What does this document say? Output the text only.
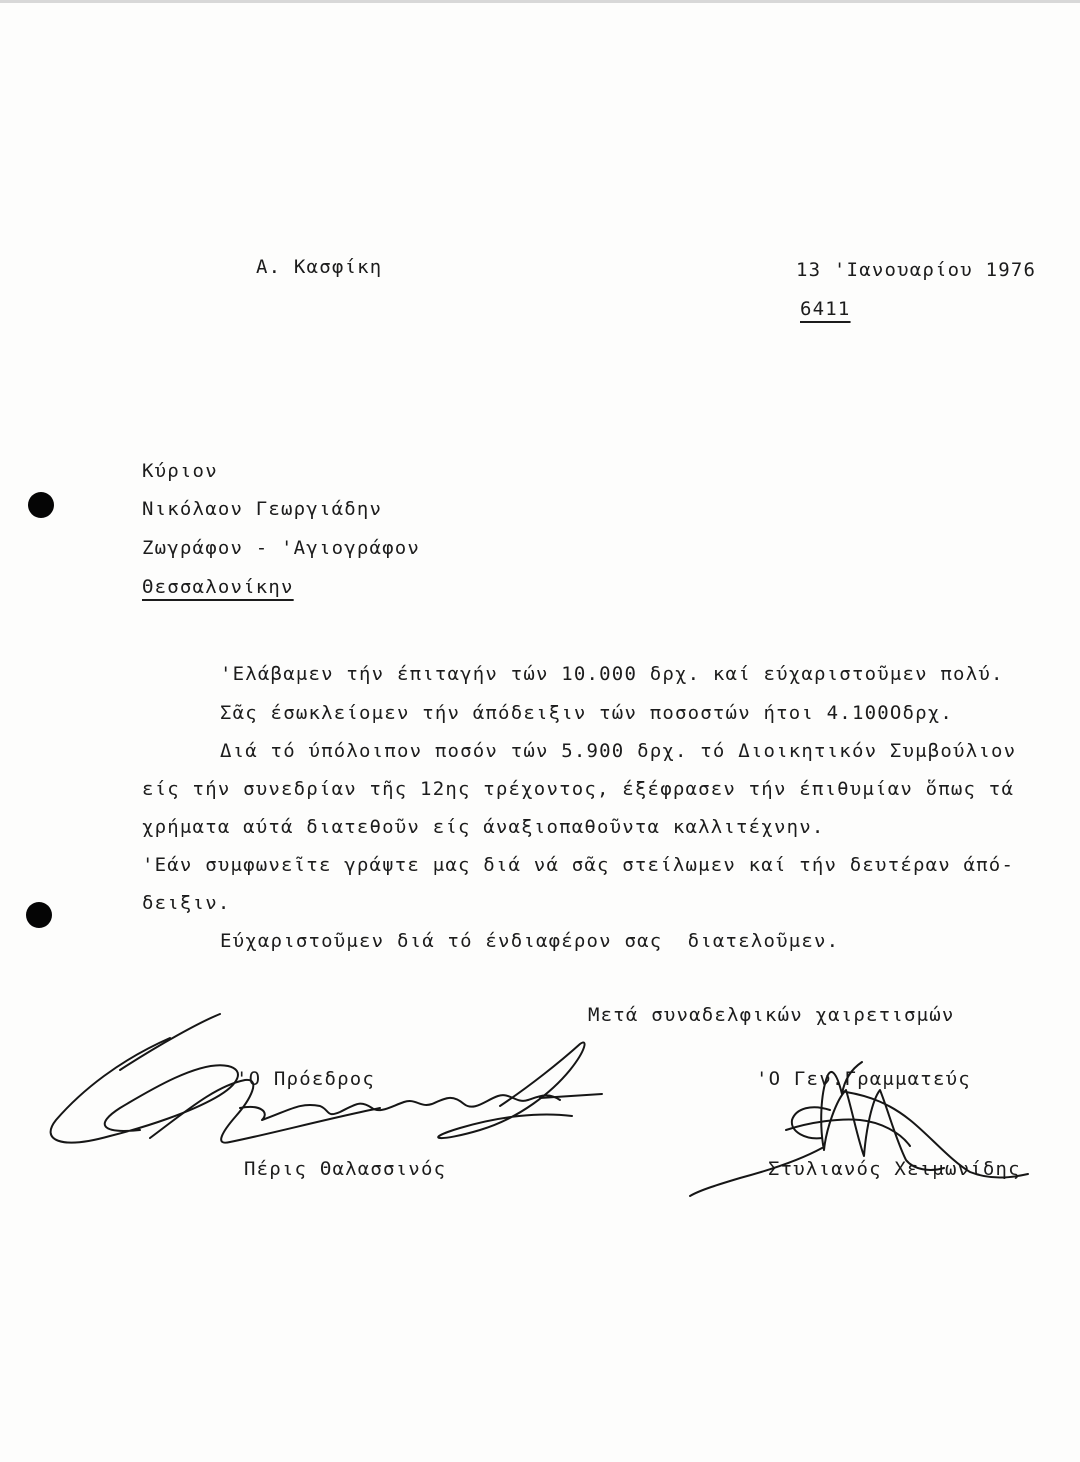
Α. Κασφίκη	13 'Ιανουαρίου 1976
6411
Κύριον
Νικόλαον Γεωργιάδην
Ζωγράφον - 'Αγιογράφον
Θεσσαλονίκην
'Ελάβαμεν τήν έπιταγήν τών 10.000 δρχ. καί εύχαριστοῦμεν πολύ.
Σᾶς έσωκλείομεν τήν άπόδειξιν τών ποσοστών ήτοι 4.100Οδρχ.
Διά τό ύπόλοιπον ποσόν τών 5.900 δρχ. τό Διοικητικόν Συμβούλιον
είς τήν συνεδρίαν τῆς 12ης τρέχοντος, έξέφρασεν τήν έπιθυμίαν ὅπως τά
χρήματα αύτά διατεθοῦν είς άναξιοπαθοῦντα καλλιτέχνην.
'Εάν συμφωνεῖτε γράψτε μας διά νά σᾶς στείλωμεν καί τήν δευτέραν άπό-
δειξιν.
Εύχαριστοῦμεν διά τό ένδιαφέρον σας  διατελοῦμεν.
Μετά συναδελφικών χαιρετισμών
'Ο Πρόεδρος
Πέρις Θαλασσινός
'Ο Γεν.Γραμματεύς
Στυλιανός Χειμωνίδης
